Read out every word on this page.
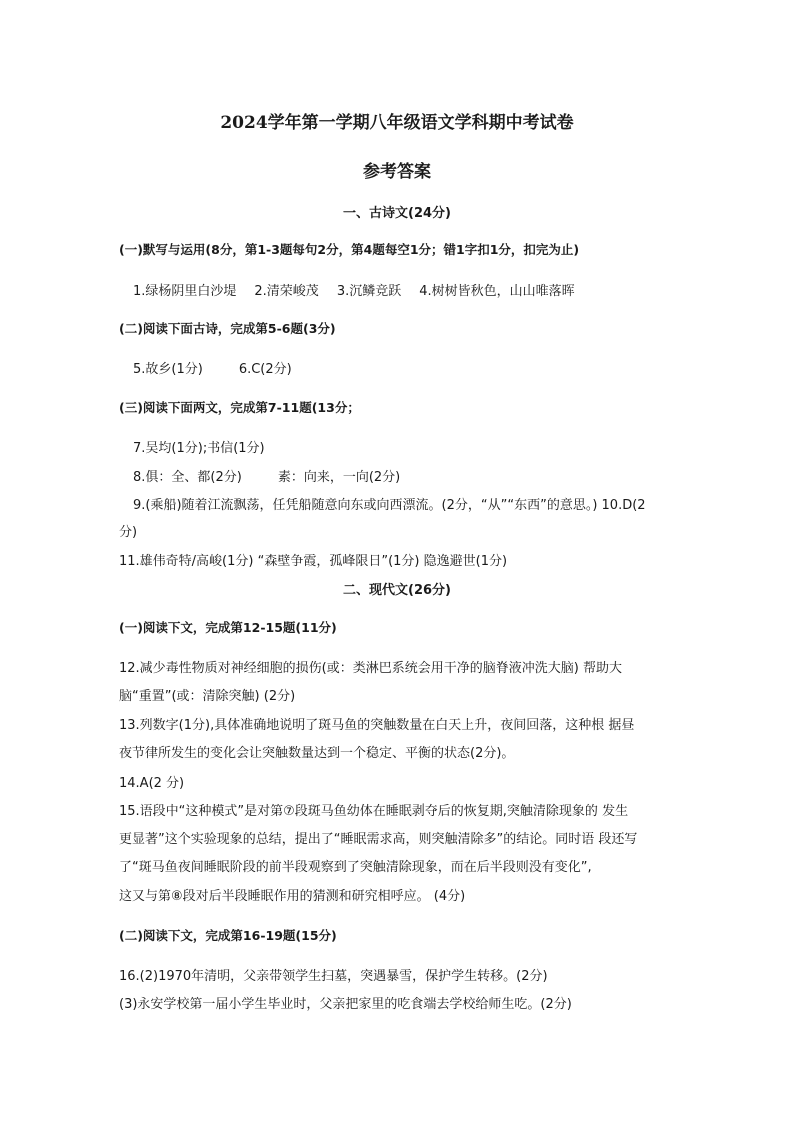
2024学年第一学期八年级语文学科期中考试卷
参考答案
一、古诗文(24分)
(一)默写与运用(8分，第1-3题每句2分，第4题每空1分；错1字扣1分，扣完为止)
1.绿杨阴里白沙堤 2.清荣峻茂 3.沉鳞竞跃 4.树树皆秋色，山山唯落晖
(二)阅读下面古诗，完成第5-6题(3分)
5.故乡(1分)	6.C(2分)
(三)阅读下面两文，完成第7-11题(13分；
7.吴均(1分);书信(1分)
8.俱：全、都(2分)	素：向来，一向(2分)
9.(乘船)随着江流飘荡，任凭船随意向东或向西漂流。(2分，“从”“东西”的意思。) 10.D(2
分)
11.雄伟奇特/高峻(1分) “森壁争霞，孤峰限日”(1分) 隐逸避世(1分)
二、现代文(26分)
(一)阅读下文，完成第12-15题(11分)
12.减少毒性物质对神经细胞的损伤(或：类淋巴系统会用干净的脑脊液冲洗大脑) 帮助大
脑“重置”(或：清除突触) (2分)
13.列数字(1分),具体准确地说明了斑马鱼的突触数量在白天上升，夜间回落，这种根 据昼
夜节律所发生的变化会让突触数量达到一个稳定、平衡的状态(2分)。
14.A(2 分)
15.语段中“这种模式”是对第⑦段斑马鱼幼体在睡眠剥夺后的恢复期,突触清除现象的 发生
更显著”这个实验现象的总结，提出了“睡眠需求高，则突触清除多”的结论。同时语 段还写
了“斑马鱼夜间睡眠阶段的前半段观察到了突触清除现象，而在后半段则没有变化”,
这又与第⑧段对后半段睡眠作用的猜测和研究相呼应。 (4分)
(二)阅读下文，完成第16-19题(15分)
16.(2)1970年清明，父亲带领学生扫墓，突遇暴雪，保护学生转移。(2分)
(3)永安学校第一届小学生毕业时，父亲把家里的吃食端去学校给师生吃。(2分)
